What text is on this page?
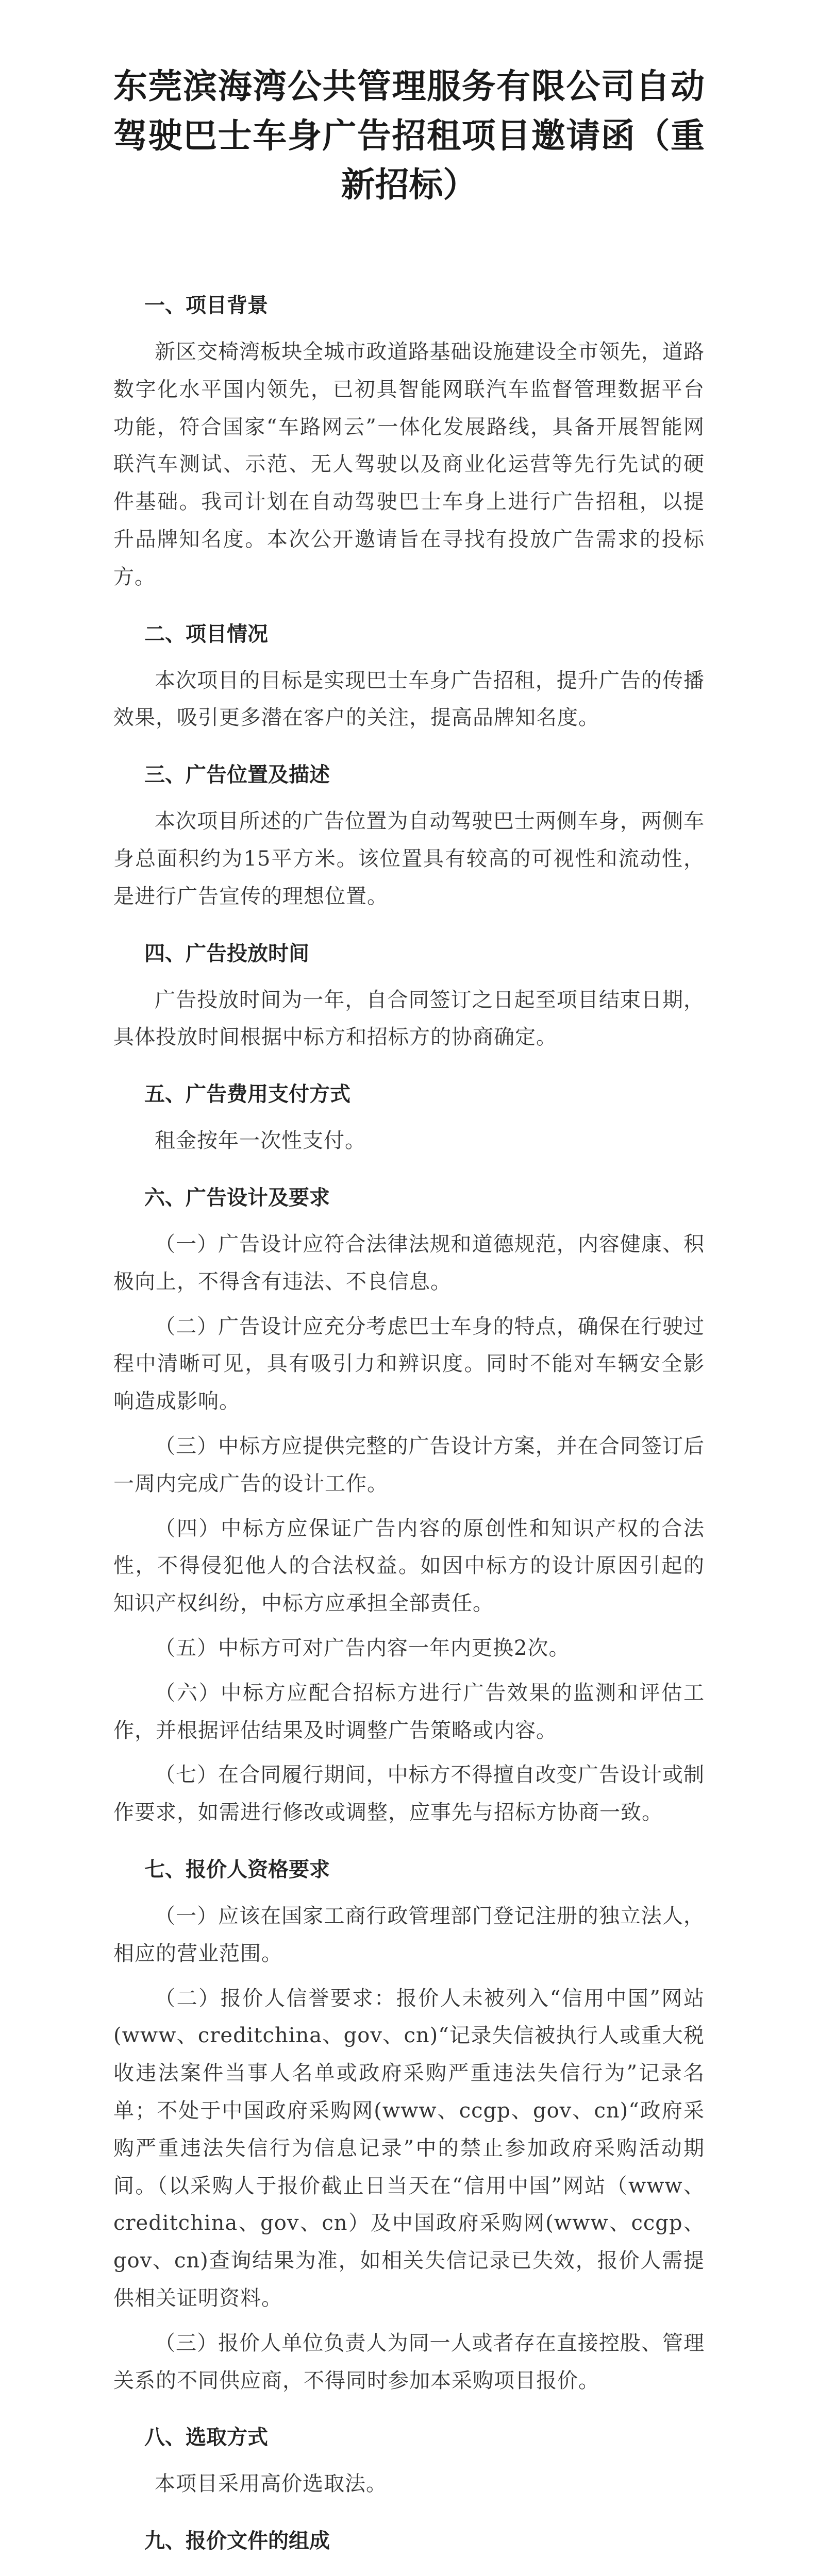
东莞滨海湾公共管理服务有限公司自动驾驶巴士车身广告招租项目邀请函（重新招标）
一、项目背景

新区交椅湾板块全城市政道路基础设施建设全市领先，道路数字化水平国内领先，已初具智能网联汽车监督管理数据平台功能，符合国家“车路网云”一体化发展路线，具备开展智能网联汽车测试、示范、无人驾驶以及商业化运营等先行先试的硬件基础。我司计划在自动驾驶巴士车身上进行广告招租，以提升品牌知名度。本次公开邀请旨在寻找有投放广告需求的投标方。

二、项目情况

本次项目的目标是实现巴士车身广告招租，提升广告的传播效果，吸引更多潜在客户的关注，提高品牌知名度。

三、广告位置及描述

本次项目所述的广告位置为自动驾驶巴士两侧车身，两侧车身总面积约为15平方米。该位置具有较高的可视性和流动性，是进行广告宣传的理想位置。

四、广告投放时间

广告投放时间为一年，自合同签订之日起至项目结束日期，具体投放时间根据中标方和招标方的协商确定。

五、广告费用支付方式

租金按年一次性支付。

六、广告设计及要求

（一）广告设计应符合法律法规和道德规范，内容健康、积极向上，不得含有违法、不良信息。

（二）广告设计应充分考虑巴士车身的特点，确保在行驶过程中清晰可见，具有吸引力和辨识度。同时不能对车辆安全影响造成影响。

（三）中标方应提供完整的广告设计方案，并在合同签订后一周内完成广告的设计工作。

（四）中标方应保证广告内容的原创性和知识产权的合法性，不得侵犯他人的合法权益。如因中标方的设计原因引起的知识产权纠纷，中标方应承担全部责任。

（五）中标方可对广告内容一年内更换2次。

（六）中标方应配合招标方进行广告效果的监测和评估工作，并根据评估结果及时调整广告策略或内容。

（七）在合同履行期间，中标方不得擅自改变广告设计或制作要求，如需进行修改或调整，应事先与招标方协商一致。

七、报价人资格要求

（一）应该在国家工商行政管理部门登记注册的独立法人，相应的营业范围。

（二）报价人信誉要求：报价人未被列入“信用中国”网站(www、creditchina、gov、cn)“记录失信被执行人或重大税收违法案件当事人名单或政府采购严重违法失信行为”记录名单；不处于中国政府采购网(www、ccgp、gov、cn)“政府采购严重违法失信行为信息记录”中的禁止参加政府采购活动期间。（以采购人于报价截止日当天在“信用中国”网站（www、creditchina、gov、cn）及中国政府采购网(www、ccgp、gov、cn)查询结果为准，如相关失信记录已失效，报价人需提供相关证明资料。

（三）报价人单位负责人为同一人或者存在直接控股、管理关系的不同供应商，不得同时参加本采购项目报价。

八、选取方式

本项目采用高价选取法。

九、报价文件的组成
